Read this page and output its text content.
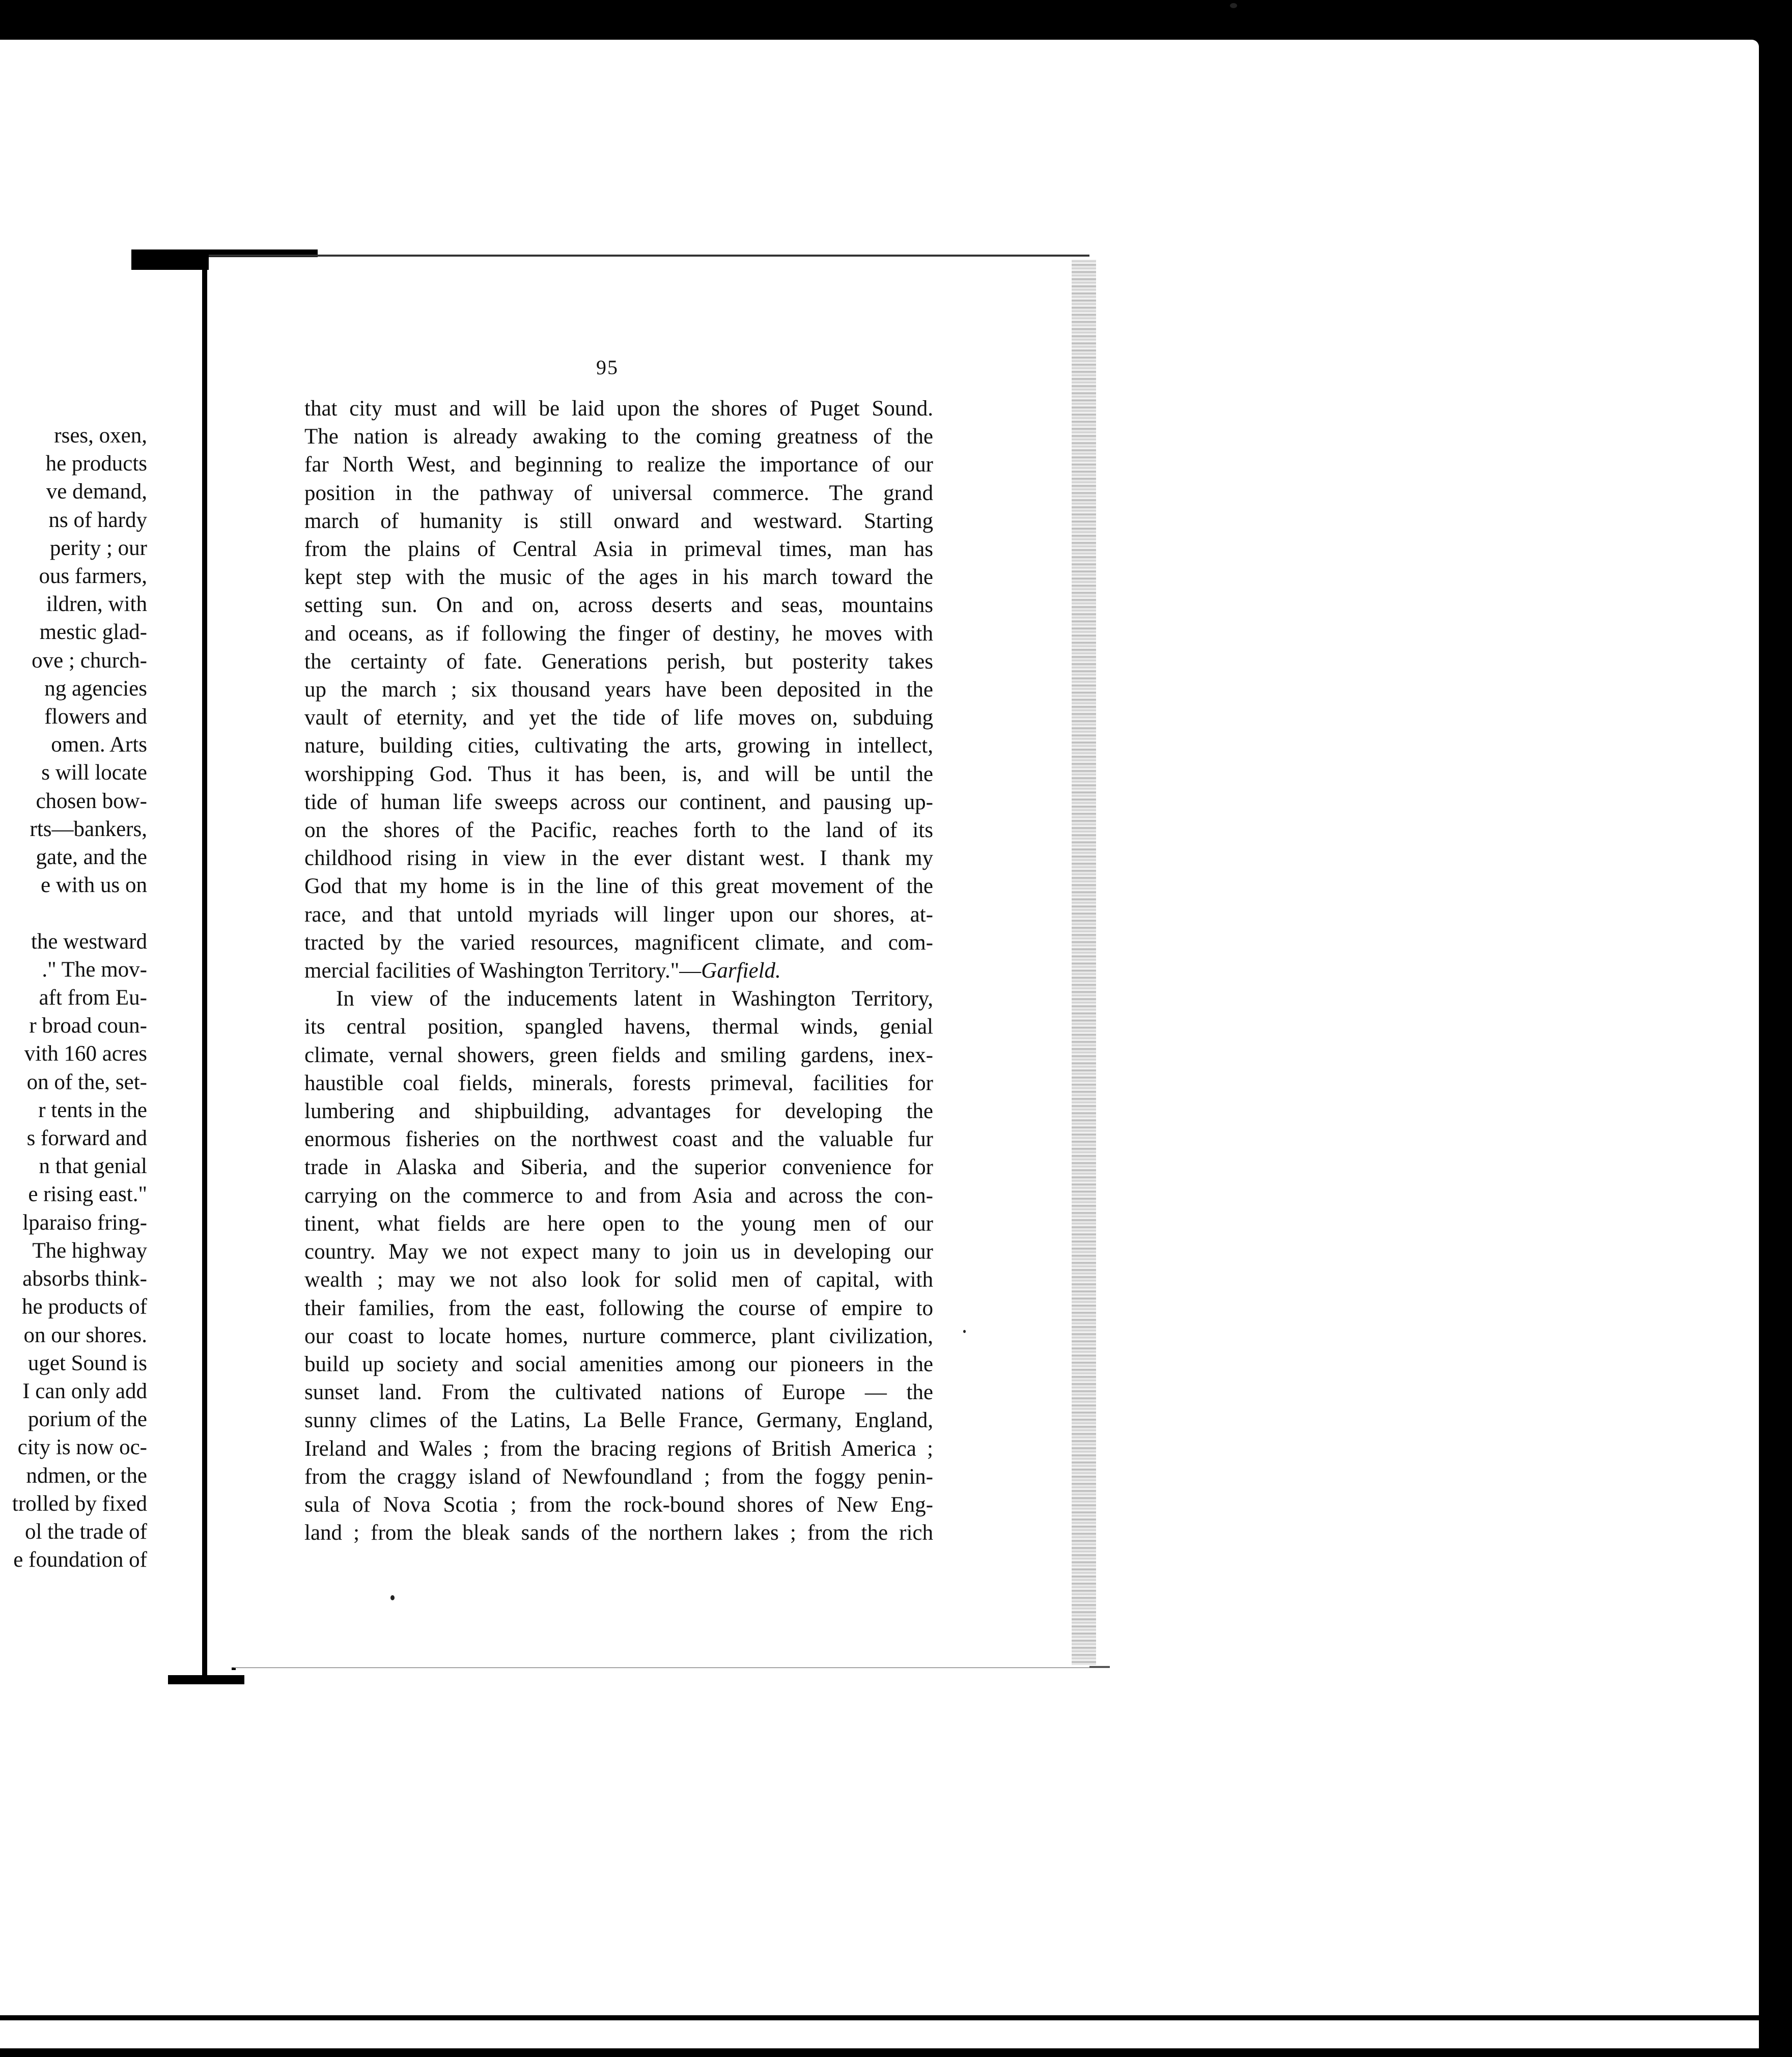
rses, oxen,
he products
ve demand,
ns of hardy
perity ; our
ous farmers,
ildren, with
mestic glad-
ove ; church-
ng agencies
flowers and
omen. Arts
s will locate
chosen bow-
rts—bankers,
gate, and the
e with us on

the westward
." The mov-
aft from Eu-
r broad coun-
vith 160 acres
on of the, set-
r tents in the
s forward and
n that genial
e rising east."
lparaiso fring-
The highway
absorbs think-
he products of
on our shores.
uget Sound is
I can only add
porium of the
city is now oc-
ndmen, or the
trolled by fixed
ol the trade of
e foundation of
95
that city must and will be laid upon the shores of Puget Sound.
The nation is already awaking to the coming greatness of the
far North West, and beginning to realize the importance of our
position in the pathway of universal commerce. The grand
march of humanity is still onward and westward. Starting
from the plains of Central Asia in primeval times, man has
kept step with the music of the ages in his march toward the
setting sun. On and on, across deserts and seas, mountains
and oceans, as if following the finger of destiny, he moves with
the certainty of fate. Generations perish, but posterity takes
up the march ; six thousand years have been deposited in the
vault of eternity, and yet the tide of life moves on, subduing
nature, building cities, cultivating the arts, growing in intellect,
worshipping God. Thus it has been, is, and will be until the
tide of human life sweeps across our continent, and pausing up-
on the shores of the Pacific, reaches forth to the land of its
childhood rising in view in the ever distant west. I thank my
God that my home is in the line of this great movement of the
race, and that untold myriads will linger upon our shores, at-
tracted by the varied resources, magnificent climate, and com-
mercial facilities of Washington Territory."—Garfield.
In view of the inducements latent in Washington Territory,
its central position, spangled havens, thermal winds, genial
climate, vernal showers, green fields and smiling gardens, inex-
haustible coal fields, minerals, forests primeval, facilities for
lumbering and shipbuilding, advantages for developing the
enormous fisheries on the northwest coast and the valuable fur
trade in Alaska and Siberia, and the superior convenience for
carrying on the commerce to and from Asia and across the con-
tinent, what fields are here open to the young men of our
country. May we not expect many to join us in developing our
wealth ; may we not also look for solid men of capital, with
their families, from the east, following the course of empire to
our coast to locate homes, nurture commerce, plant civilization,
build up society and social amenities among our pioneers in the
sunset land. From the cultivated nations of Europe — the
sunny climes of the Latins, La Belle France, Germany, England,
Ireland and Wales ; from the bracing regions of British America ;
from the craggy island of Newfoundland ; from the foggy penin-
sula of Nova Scotia ; from the rock-bound shores of New Eng-
land ; from the bleak sands of the northern lakes ; from the rich
